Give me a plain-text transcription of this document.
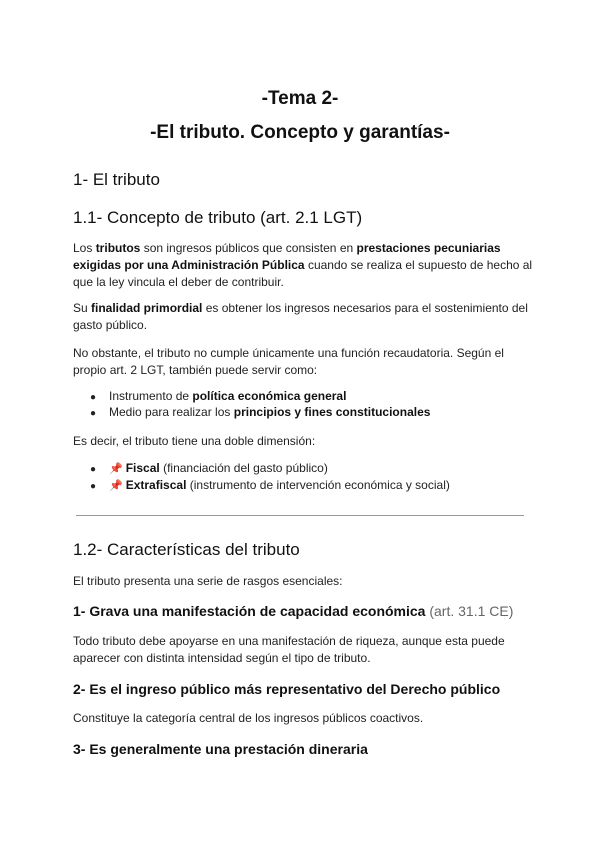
-Tema 2-
-El tributo. Concepto y garantías-
1- El tributo
1.1- Concepto de tributo (art. 2.1 LGT)
Los tributos son ingresos públicos que consisten en prestaciones pecuniarias exigidas por una Administración Pública cuando se realiza el supuesto de hecho al que la ley vincula el deber de contribuir.
Su finalidad primordial es obtener los ingresos necesarios para el sostenimiento del gasto público.
No obstante, el tributo no cumple únicamente una función recaudatoria. Según el propio art. 2 LGT, también puede servir como:
● Instrumento de política económica general
● Medio para realizar los principios y fines constitucionales
Es decir, el tributo tiene una doble dimensión:
● 📌 Fiscal (financiación del gasto público)
● 📌 Extrafiscal (instrumento de intervención económica y social)
1.2- Características del tributo
El tributo presenta una serie de rasgos esenciales:
1- Grava una manifestación de capacidad económica (art. 31.1 CE)
Todo tributo debe apoyarse en una manifestación de riqueza, aunque esta puede aparecer con distinta intensidad según el tipo de tributo.
2- Es el ingreso público más representativo del Derecho público
Constituye la categoría central de los ingresos públicos coactivos.
3- Es generalmente una prestación dineraria
